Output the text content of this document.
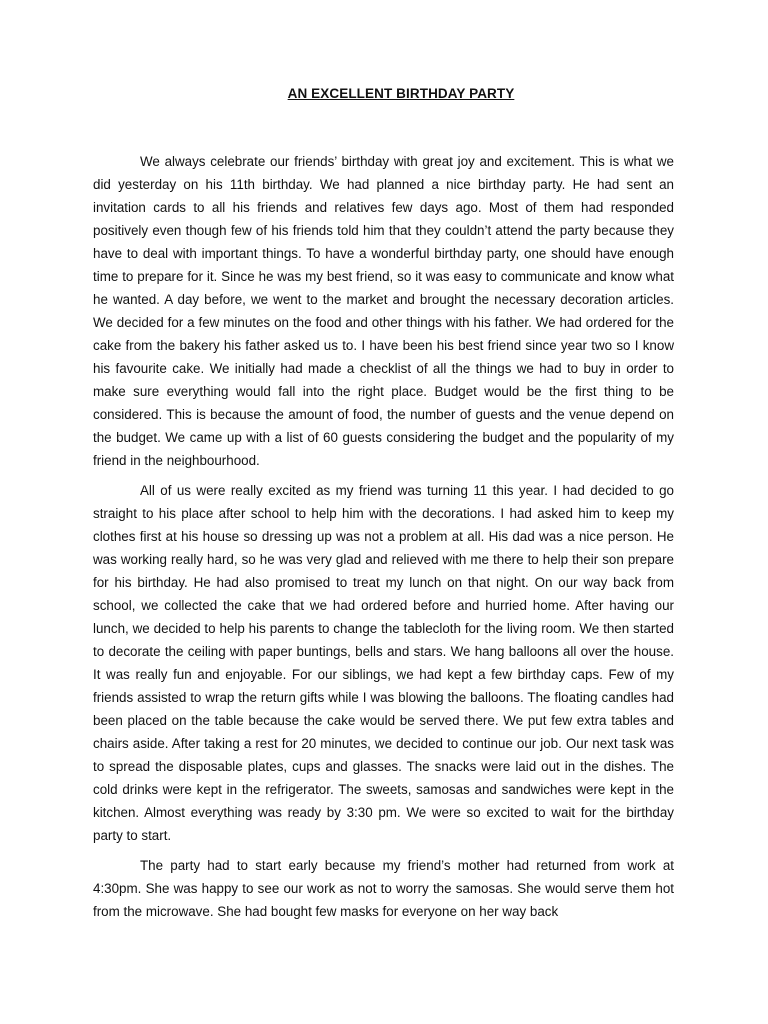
AN EXCELLENT BIRTHDAY PARTY

We always celebrate our friends’ birthday with great joy and excitement. This is what we did yesterday on his 11th birthday. We had planned a nice birthday party. He had sent an invitation cards to all his friends and relatives few days ago. Most of them had responded positively even though few of his friends told him that they couldn’t attend the party because they have to deal with important things. To have a wonderful birthday party, one should have enough time to prepare for it. Since he was my best friend, so it was easy to communicate and know what he wanted. A day before, we went to the market and brought the necessary decoration articles. We decided for a few minutes on the food and other things with his father. We had ordered for the cake from the bakery his father asked us to. I have been his best friend since year two so I know his favourite cake. We initially had made a checklist of all the things we had to buy in order to make sure everything would fall into the right place. Budget would be the first thing to be considered. This is because the amount of food, the number of guests and the venue depend on the budget. We came up with a list of 60 guests considering the budget and the popularity of my friend in the neighbourhood.

All of us were really excited as my friend was turning 11 this year. I had decided to go straight to his place after school to help him with the decorations. I had asked him to keep my clothes first at his house so dressing up was not a problem at all. His dad was a nice person. He was working really hard, so he was very glad and relieved with me there to help their son prepare for his birthday. He had also promised to treat my lunch on that night. On our way back from school, we collected the cake that we had ordered before and hurried home. After having our lunch, we decided to help his parents to change the tablecloth for the living room. We then started to decorate the ceiling with paper buntings, bells and stars. We hang balloons all over the house. It was really fun and enjoyable. For our siblings, we had kept a few birthday caps. Few of my friends assisted to wrap the return gifts while I was blowing the balloons. The floating candles had been placed on the table because the cake would be served there. We put few extra tables and chairs aside. After taking a rest for 20 minutes, we decided to continue our job. Our next task was to spread the disposable plates, cups and glasses. The snacks were laid out in the dishes. The cold drinks were kept in the refrigerator. The sweets, samosas and sandwiches were kept in the kitchen. Almost everything was ready by 3:30 pm. We were so excited to wait for the birthday party to start.

The party had to start early because my friend’s mother had returned from work at 4:30pm. She was happy to see our work as not to worry the samosas. She would serve them hot from the microwave. She had bought few masks for everyone on her way back
